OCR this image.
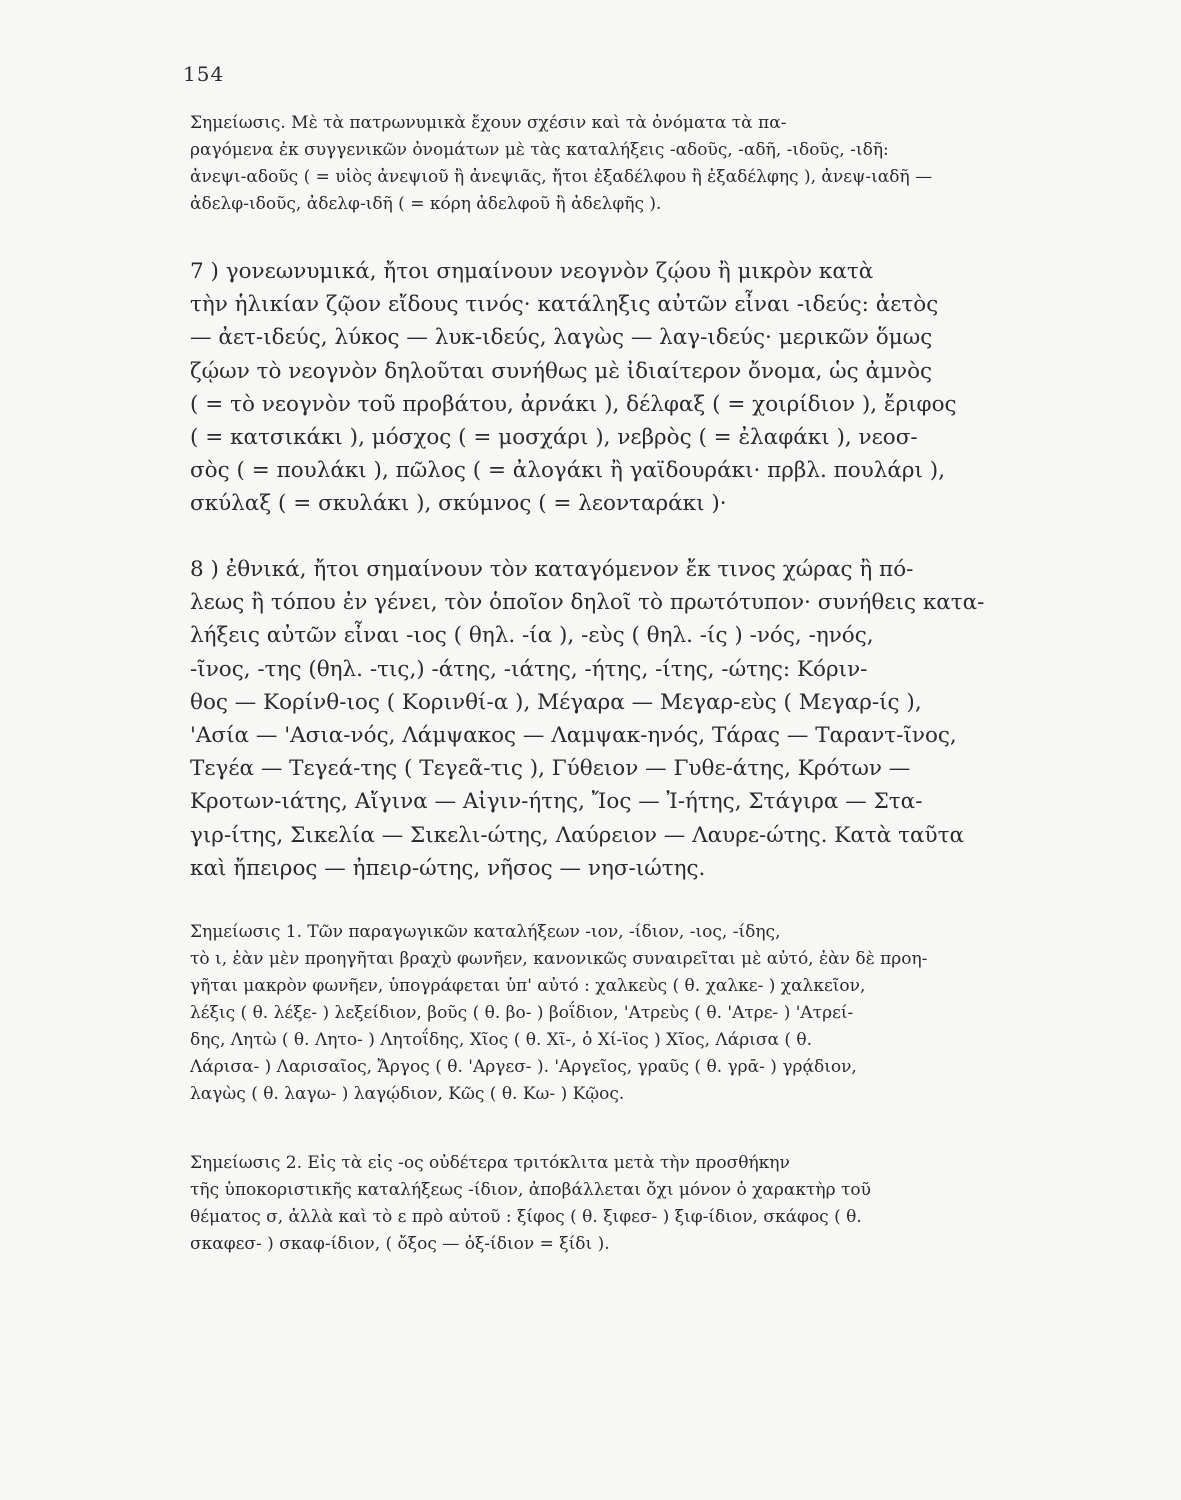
154
Σημείωσις. Μὲ τὰ πατρωνυμικὰ ἔχουν σχέσιν καὶ τὰ ὀνόματα τὰ πα-
ραγόμενα ἐκ συγγενικῶν ὀνομάτων μὲ τὰς καταλήξεις -αδοῦς, -αδῆ, -ιδοῦς, -ιδῆ:
ἀνεψι-αδοῦς ( = υἱὸς ἀνεψιοῦ ἢ ἀνεψιᾶς, ἤτοι ἐξαδέλφου ἢ ἐξαδέλφης ), ἀνεψ-ιαδῆ —
ἀδελφ-ιδοῦς, ἀδελφ-ιδῆ ( = κόρη ἀδελφοῦ ἢ ἀδελφῆς ).
7 ) γονεωνυμικά, ἤτοι σημαίνουν νεογνὸν ζῴου ἢ μικρὸν κατὰ
τὴν ἡλικίαν ζῷον εἴδους τινός· κατάληξις αὐτῶν εἶναι -ιδεύς: ἀετὸς
— ἀετ-ιδεύς, λύκος — λυκ-ιδεύς, λαγὼς — λαγ-ιδεύς· μερικῶν ὅμως
ζῴων τὸ νεογνὸν δηλοῦται συνήθως μὲ ἰδιαίτερον ὄνομα, ὡς ἀμνὸς
( = τὸ νεογνὸν τοῦ προβάτου, ἀρνάκι ), δέλφαξ ( = χοιρίδιον ), ἔριφος
( = κατσικάκι ), μόσχος ( = μοσχάρι ), νεβρὸς ( = ἐλαφάκι ), νεοσ-
σὸς ( = πουλάκι ), πῶλος ( = ἀλογάκι ἢ γαϊδουράκι· πρβλ. πουλάρι ),
σκύλαξ ( = σκυλάκι ), σκύμνος ( = λεονταράκι )·
8 ) ἐθνικά, ἤτοι σημαίνουν τὸν καταγόμενον ἔκ τινος χώρας ἢ πό-
λεως ἢ τόπου ἐν γένει, τὸν ὁποῖον δηλοῖ τὸ πρωτότυπον· συνήθεις κατα-
λήξεις αὐτῶν εἶναι -ιος ( θηλ. -ία ), -εὺς ( θηλ. -ίς ) -νός, -ηνός,
-ῖνος, -της (θηλ. -τις,) -άτης, -ιάτης, -ήτης, -ίτης, -ώτης: Κόριν-
θος — Κορίνθ-ιος ( Κορινθί-α ), Μέγαρα — Μεγαρ-εὺς ( Μεγαρ-ίς ),
'Ασία — 'Ασια-νός, Λάμψακος — Λαμψακ-ηνός, Τάρας — Ταραντ-ῖνος,
Τεγέα — Τεγεά-της ( Τεγεᾶ-τις ), Γύθειον — Γυθε-άτης, Κρότων —
Κροτων-ιάτης, Αἴγινα — Αἰγιν-ήτης, Ἴος — Ἰ-ήτης, Στάγιρα — Στα-
γιρ-ίτης, Σικελία — Σικελι-ώτης, Λαύρειον — Λαυρε-ώτης. Κατὰ ταῦτα
καὶ ἤπειρος — ἠπειρ-ώτης, νῆσος — νησ-ιώτης.
Σημείωσις 1. Τῶν παραγωγικῶν καταλήξεων -ιον, -ίδιον, -ιος, -ίδης,
τὸ ι, ἐὰν μὲν προηγῆται βραχὺ φωνῆεν, κανονικῶς συναιρεῖται μὲ αὐτό, ἐὰν δὲ προη-
γῆται μακρὸν φωνῆεν, ὑπογράφεται ὑπ' αὐτό : χαλκεὺς ( θ. χαλκε- ) χαλκεῖον,
λέξις ( θ. λέξε- ) λεξείδιον, βοῦς ( θ. βο- ) βοΐδιον, 'Ατρεὺς ( θ. 'Ατρε- ) 'Ατρεί-
δης, Λητὼ ( θ. Λητο- ) Λητοΐδης, Χῖος ( θ. Χῖ-, ὁ Χί-ϊος ) Χῖος, Λάρισα ( θ.
Λάρισα- ) Λαρισαῖος, Ἄργος ( θ. 'Αργεσ- ). 'Αργεῖος, γραῦς ( θ. γρᾱ- ) γρᾴδιον,
λαγὼς ( θ. λαγω- ) λαγῴδιον, Κῶς ( θ. Κω- ) Κῷος.
Σημείωσις 2. Εἰς τὰ εἰς -ος οὐδέτερα τριτόκλιτα μετὰ τὴν προσθήκην
τῆς ὑποκοριστικῆς καταλήξεως -ίδιον, ἀποβάλλεται ὄχι μόνον ὁ χαρακτὴρ τοῦ
θέματος σ, ἀλλὰ καὶ τὸ ε πρὸ αὐτοῦ : ξίφος ( θ. ξιφεσ- ) ξιφ-ίδιον, σκάφος ( θ.
σκαφεσ- ) σκαφ-ίδιον, ( ὄξος — ὀξ-ίδιον = ξίδι ).
